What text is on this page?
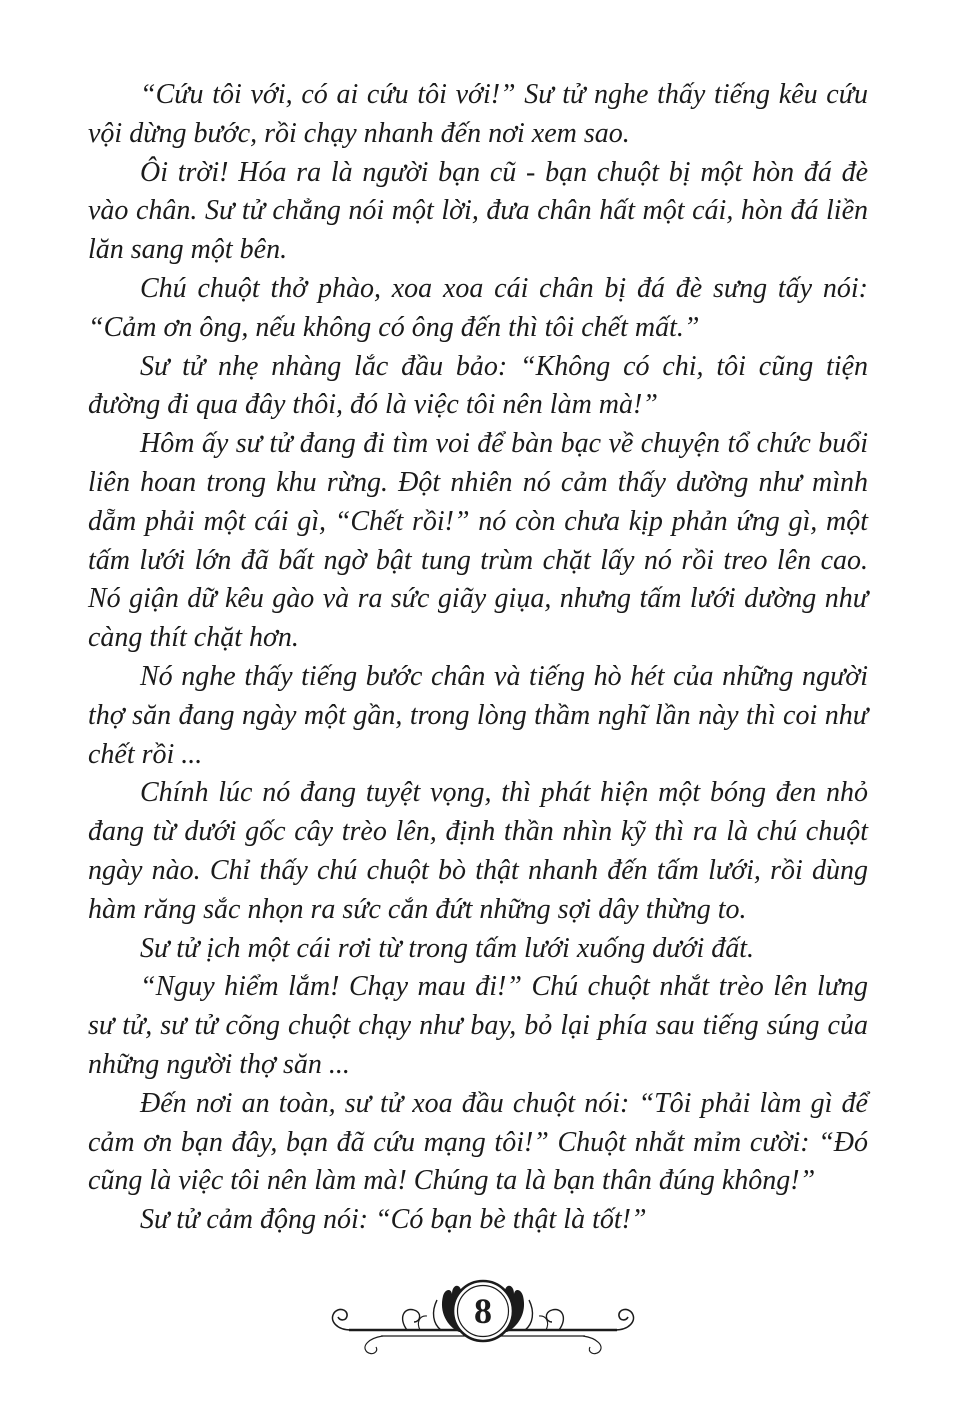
“Cứu tôi với, có ai cứu tôi với!” Sư tử nghe thấy tiếng kêu cứu vội dừng bước, rồi chạy nhanh đến nơi xem sao.

Ôi trời! Hóa ra là người bạn cũ - bạn chuột bị một hòn đá đè vào chân. Sư tử chẳng nói một lời, đưa chân hất một cái, hòn đá liền lăn sang một bên.

Chú chuột thở phào, xoa xoa cái chân bị đá đè sưng tấy nói: “Cảm ơn ông, nếu không có ông đến thì tôi chết mất.”

Sư tử nhẹ nhàng lắc đầu bảo: “Không có chi, tôi cũng tiện đường đi qua đây thôi, đó là việc tôi nên làm mà!”

Hôm ấy sư tử đang đi tìm voi để bàn bạc về chuyện tổ chức buổi liên hoan trong khu rừng. Đột nhiên nó cảm thấy dường như mình dẵm phải một cái gì, “Chết rồi!” nó còn chưa kịp phản ứng gì, một tấm lưới lớn đã bất ngờ bật tung trùm chặt lấy nó rồi treo lên cao. Nó giận dữ kêu gào và ra sức giãy giụa, nhưng tấm lưới dường như càng thít chặt hơn.

Nó nghe thấy tiếng bước chân và tiếng hò hét của những người thợ săn đang ngày một gần, trong lòng thầm nghĩ lần này thì coi như chết rồi ...

Chính lúc nó đang tuyệt vọng, thì phát hiện một bóng đen nhỏ đang từ dưới gốc cây trèo lên, định thần nhìn kỹ thì ra là chú chuột ngày nào. Chỉ thấy chú chuột bò thật nhanh đến tấm lưới, rồi dùng hàm răng sắc nhọn ra sức cắn đứt những sợi dây thừng to.

Sư tử ịch một cái rơi từ trong tấm lưới xuống dưới đất.

“Nguy hiểm lắm! Chạy mau đi!” Chú chuột nhắt trèo lên lưng sư tử, sư tử cõng chuột chạy như bay, bỏ lại phía sau tiếng súng của những người thợ săn ...

Đến nơi an toàn, sư tử xoa đầu chuột nói: “Tôi phải làm gì để cảm ơn bạn đây, bạn đã cứu mạng tôi!” Chuột nhắt mỉm cười: “Đó cũng là việc tôi nên làm mà! Chúng ta là bạn thân đúng không!”

Sư tử cảm động nói: “Có bạn bè thật là tốt!”

8
